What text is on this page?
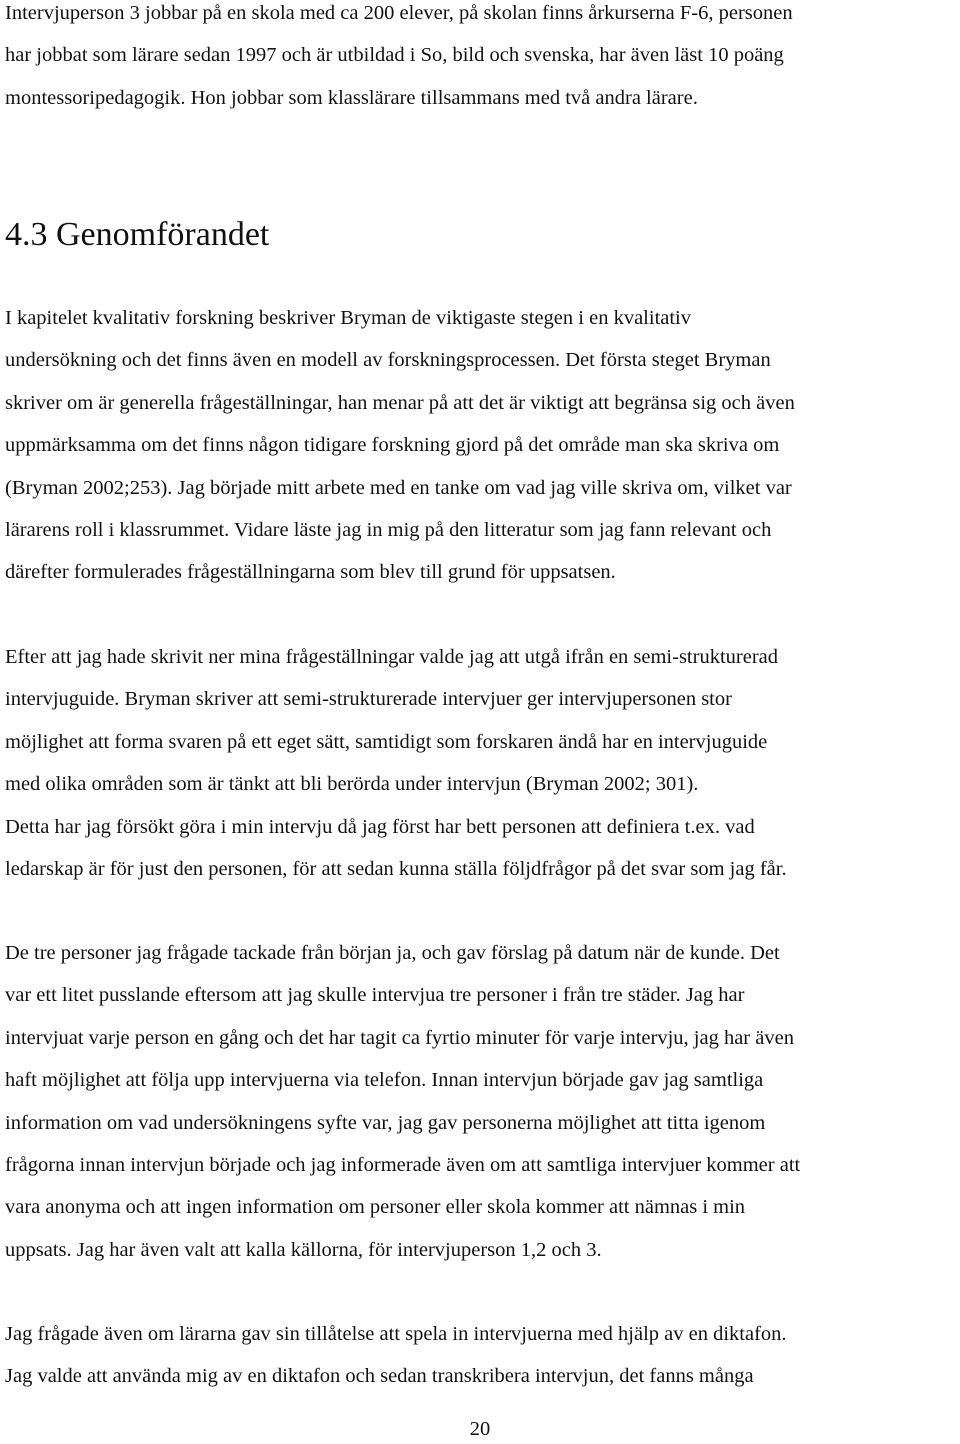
Intervjuperson 3 jobbar på en skola med ca 200 elever, på skolan finns årkurserna F-6, personen
har jobbat som lärare sedan 1997 och är utbildad i So, bild och svenska, har även läst 10 poäng
montessoripedagogik. Hon jobbar som klasslärare tillsammans med två andra lärare.
4.3 Genomförandet
I kapitelet kvalitativ forskning beskriver Bryman de viktigaste stegen i en kvalitativ
undersökning och det finns även en modell av forskningsprocessen. Det första steget Bryman
skriver om är generella frågeställningar, han menar på att det är viktigt att begränsa sig och även
uppmärksamma om det finns någon tidigare forskning gjord på det område man ska skriva om
(Bryman 2002;253). Jag började mitt arbete med en tanke om vad jag ville skriva om, vilket var
lärarens roll i klassrummet. Vidare läste jag in mig på den litteratur som jag fann relevant och
därefter formulerades frågeställningarna som blev till grund för uppsatsen.
Efter att jag hade skrivit ner mina frågeställningar valde jag att utgå ifrån en semi-strukturerad
intervjuguide. Bryman skriver att semi-strukturerade intervjuer ger intervjupersonen stor
möjlighet att forma svaren på ett eget sätt, samtidigt som forskaren ändå har en intervjuguide
med olika områden som är tänkt att bli berörda under intervjun (Bryman 2002; 301).
Detta har jag försökt göra i min intervju då jag först har bett personen att definiera t.ex. vad
ledarskap är för just den personen, för att sedan kunna ställa följdfrågor på det svar som jag får.
De tre personer jag frågade tackade från början ja, och gav förslag på datum när de kunde. Det
var ett litet pusslande eftersom att jag skulle intervjua tre personer i från tre städer. Jag har
intervjuat varje person en gång och det har tagit ca fyrtio minuter för varje intervju, jag har även
haft möjlighet att följa upp intervjuerna via telefon. Innan intervjun började gav jag samtliga
information om vad undersökningens syfte var, jag gav personerna möjlighet att titta igenom
frågorna innan intervjun började och jag informerade även om att samtliga intervjuer kommer att
vara anonyma och att ingen information om personer eller skola kommer att nämnas i min
uppsats. Jag har även valt att kalla källorna, för intervjuperson 1,2 och 3.
Jag frågade även om lärarna gav sin tillåtelse att spela in intervjuerna med hjälp av en diktafon.
Jag valde att använda mig av en diktafon och sedan transkribera intervjun, det fanns många
20
